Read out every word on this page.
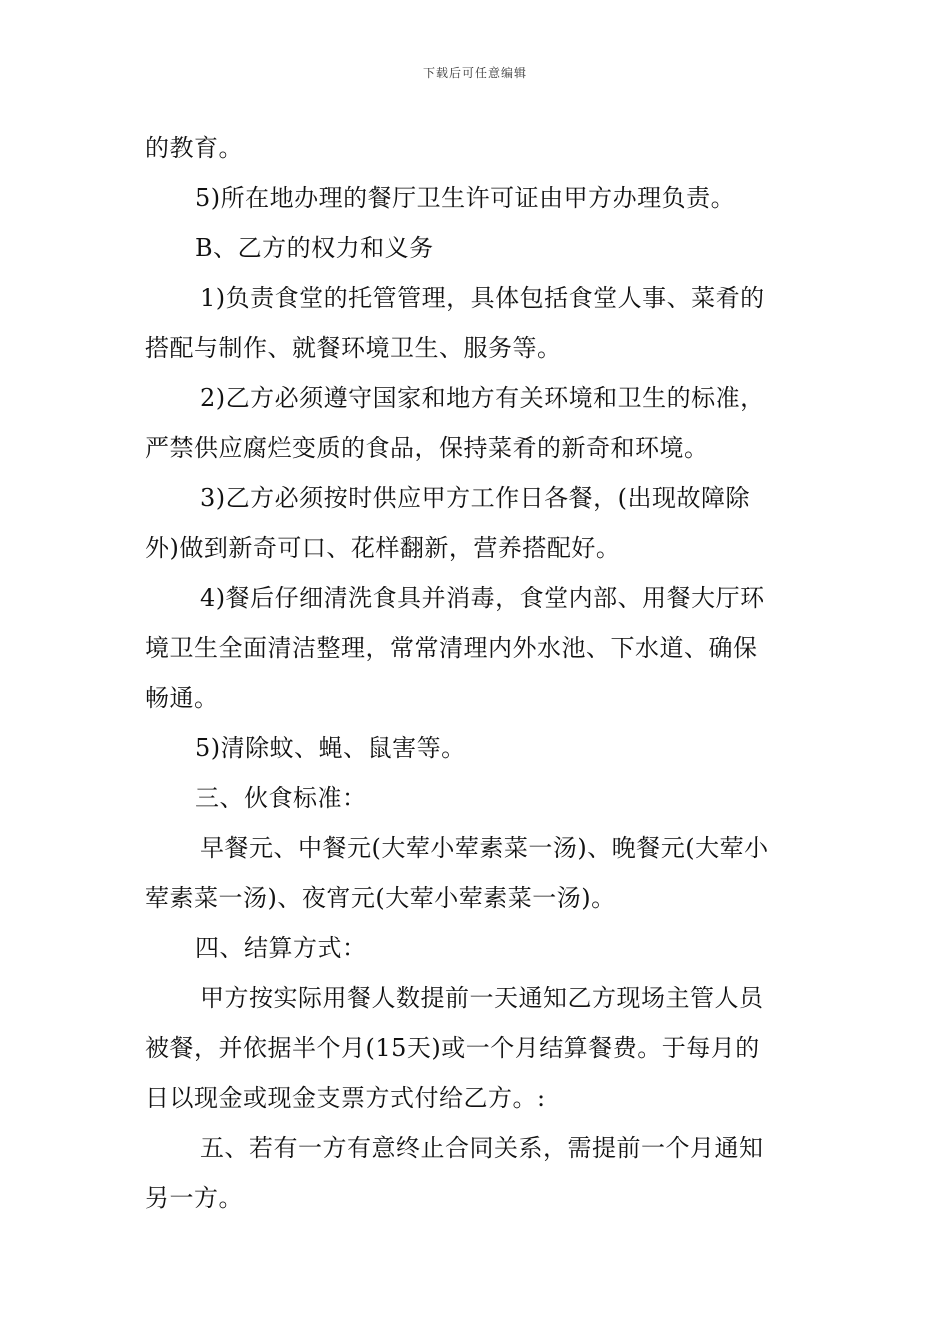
下载后可任意编辑
的教育。
5)所在地办理的餐厅卫生许可证由甲方办理负责。
B、乙方的权力和义务
1)负责食堂的托管管理，具体包括食堂人事、菜肴的
搭配与制作、就餐环境卫生、服务等。
2)乙方必须遵守国家和地方有关环境和卫生的标准，
严禁供应腐烂变质的食品，保持菜肴的新奇和环境。
3)乙方必须按时供应甲方工作日各餐，(出现故障除
外)做到新奇可口、花样翻新，营养搭配好。
4)餐后仔细清洗食具并消毒，食堂内部、用餐大厅环
境卫生全面清洁整理，常常清理内外水池、下水道、确保
畅通。
5)清除蚊、蝇、鼠害等。
三、伙食标准：
早餐元、中餐元(大荤小荤素菜一汤)、晚餐元(大荤小
荤素菜一汤)、夜宵元(大荤小荤素菜一汤)。
四、结算方式：
甲方按实际用餐人数提前一天通知乙方现场主管人员
被餐，并依据半个月(15天)或一个月结算餐费。于每月的
日以现金或现金支票方式付给乙方。:
五、若有一方有意终止合同关系，需提前一个月通知
另一方。
